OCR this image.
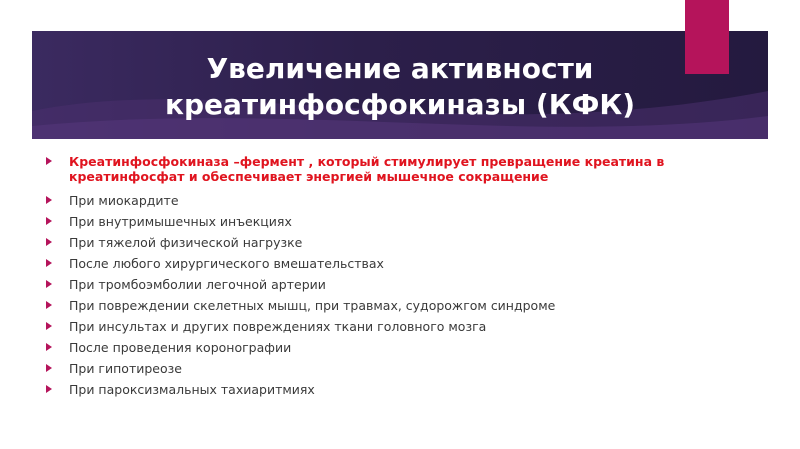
Увеличение активности
креатинфосфокиназы (КФК)
Креатинфосфокиназа –фермент , который стимулирует превращение креатина в креатинфосфат и обеспечивает энергией мышечное сокращение
При миокардите
При внутримышечных инъекциях
При тяжелой физической нагрузке
После любого хирургического вмешательствах
При тромбоэмболии легочной артерии
При повреждении скелетных мышц, при травмах, судорожгом синдроме
При инсультах и других повреждениях ткани головного мозга
После проведения коронографии
При гипотиреозе
При пароксизмальных тахиаритмиях
